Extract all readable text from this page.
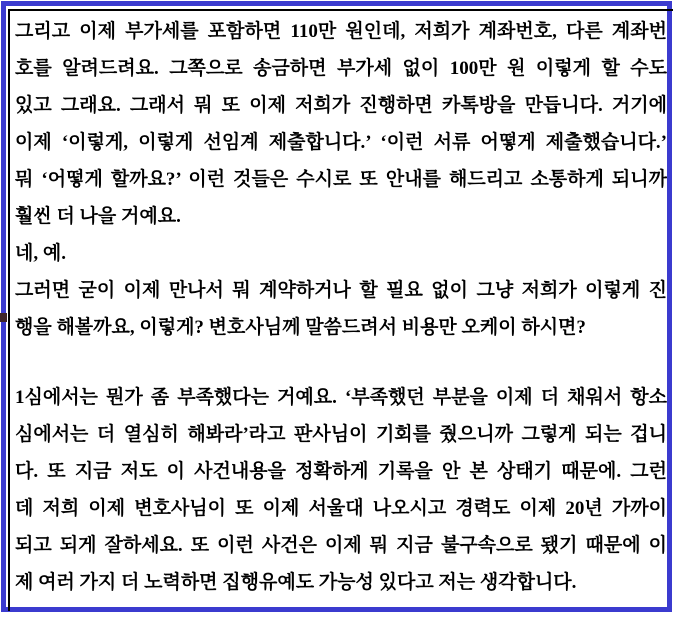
그리고 이제 부가세를 포함하면 110만 원인데, 저희가 계좌번호, 다른 계좌번
호를 알려드려요. 그쪽으로 송금하면 부가세 없이 100만 원 이렇게 할 수도
있고 그래요. 그래서 뭐 또 이제 저희가 진행하면 카톡방을 만듭니다. 거기에
이제 ‘이렇게, 이렇게 선임계 제출합니다.’ ‘이런 서류 어떻게 제출했습니다.’
뭐 ‘어떻게 할까요?’ 이런 것들은 수시로 또 안내를 해드리고 소통하게 되니까
훨씬 더 나을 거예요.
네, 예.
그러면 굳이 이제 만나서 뭐 계약하거나 할 필요 없이 그냥 저희가 이렇게 진
행을 해볼까요, 이렇게? 변호사님께 말씀드려서 비용만 오케이 하시면?
1심에서는 뭔가 좀 부족했다는 거예요. ‘부족했던 부분을 이제 더 채워서 항소
심에서는 더 열심히 해봐라’라고 판사님이 기회를 줬으니까 그렇게 되는 겁니
다. 또 지금 저도 이 사건내용을 정확하게 기록을 안 본 상태기 때문에. 그런
데 저희 이제 변호사님이 또 이제 서울대 나오시고 경력도 이제 20년 가까이
되고 되게 잘하세요. 또 이런 사건은 이제 뭐 지금 불구속으로 됐기 때문에 이
제 여러 가지 더 노력하면 집행유예도 가능성 있다고 저는 생각합니다.
